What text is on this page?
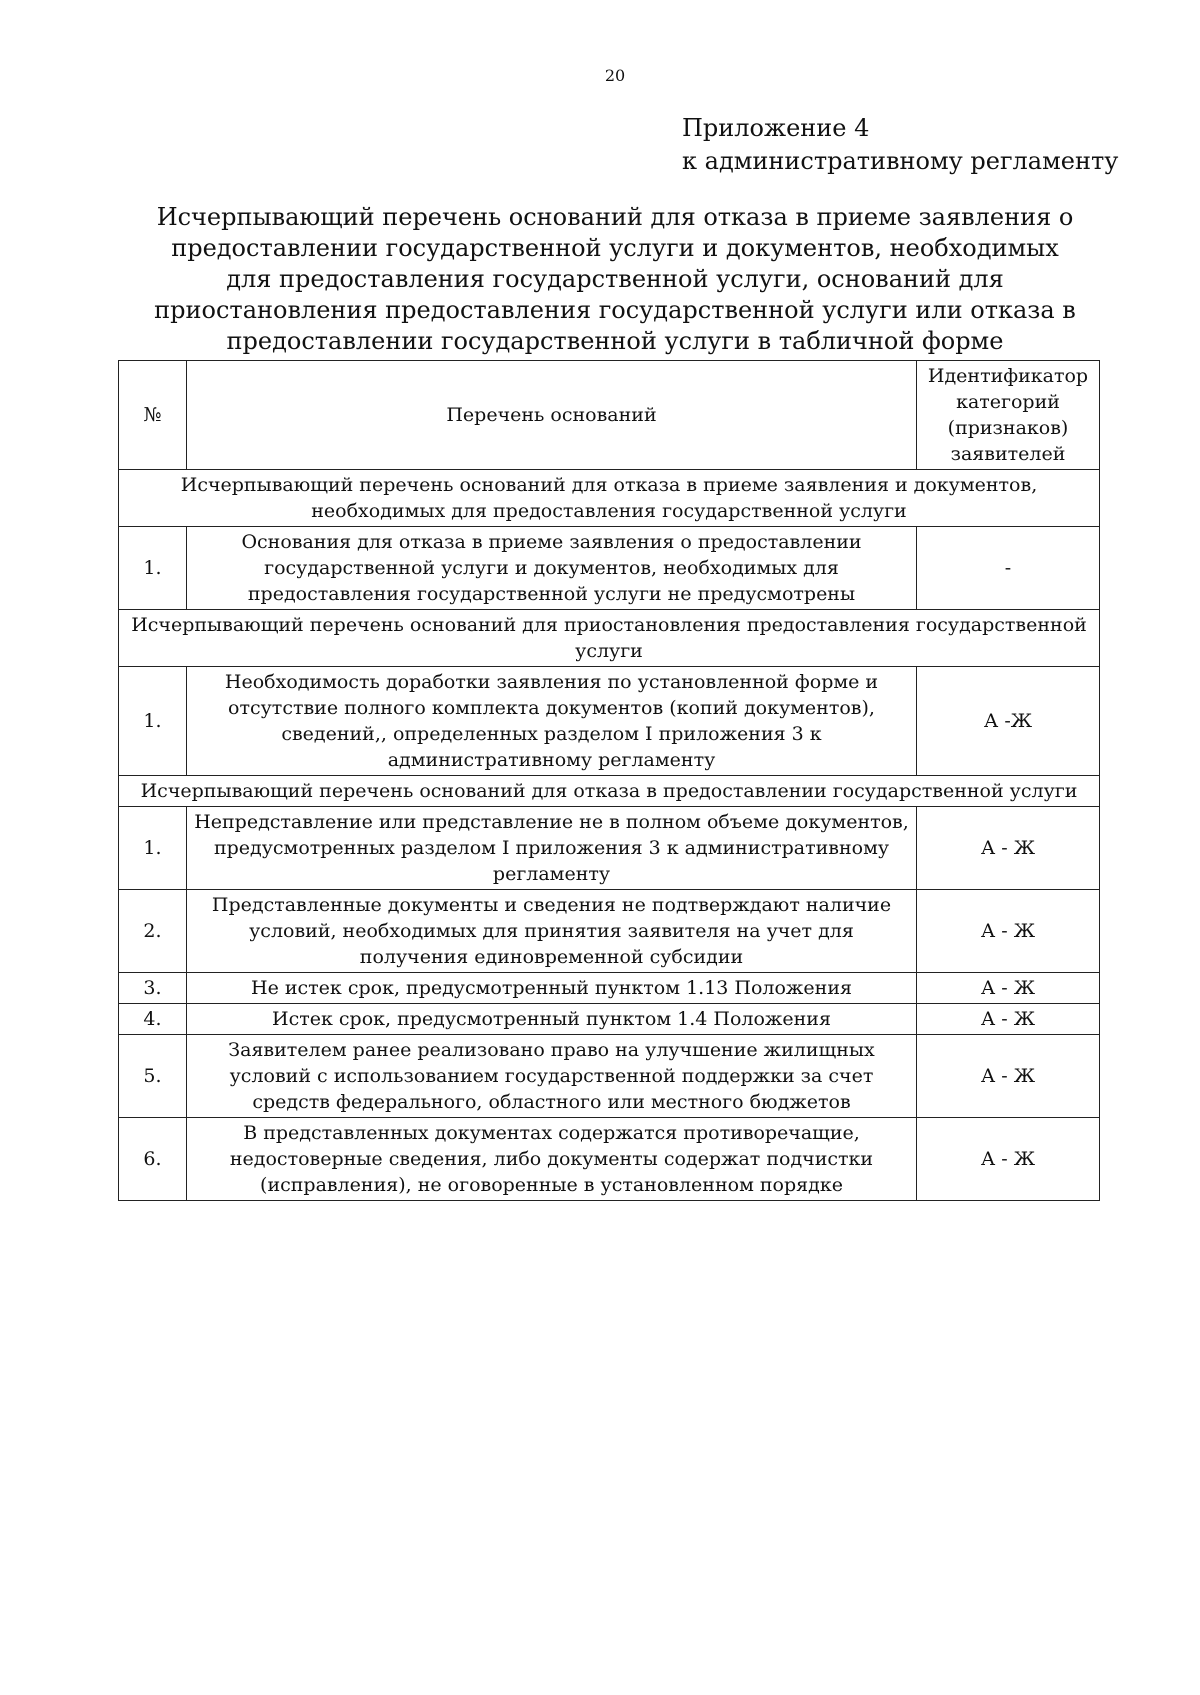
20
Приложение 4
к административному регламенту
Исчерпывающий перечень оснований для отказа в приеме заявления о предоставлении государственной услуги и документов, необходимых для предоставления государственной услуги, оснований для приостановления предоставления государственной услуги или отказа в предоставлении государственной услуги в табличной форме
№	Перечень оснований	Идентификатор категорий (признаков) заявителей
Исчерпывающий перечень оснований для отказа в приеме заявления и документов, необходимых для предоставления государственной услуги		
1.	Основания для отказа в приеме заявления о предоставлении государственной услуги и документов, необходимых для предоставления государственной услуги не предусмотрены	-
Исчерпывающий перечень оснований для приостановления предоставления государственной услуги		
1.	Необходимость доработки заявления по установленной форме и отсутствие полного комплекта документов (копий документов), сведений,, определенных разделом I приложения 3 к административному регламенту	А -Ж
Исчерпывающий перечень оснований для отказа в предоставлении государственной услуги		
1.	Непредставление или представление не в полном объеме документов, предусмотренных разделом I приложения 3 к административному регламенту	А - Ж
2.	Представленные документы и сведения не подтверждают наличие условий, необходимых для принятия заявителя на учет для получения единовременной субсидии	А - Ж
3.	Не истек срок, предусмотренный пунктом 1.13 Положения	А - Ж
4.	Истек срок, предусмотренный пунктом 1.4 Положения	А - Ж
5.	Заявителем ранее реализовано право на улучшение жилищных условий с использованием государственной поддержки за счет средств федерального, областного или местного бюджетов	А - Ж
6.	В представленных документах содержатся противоречащие, недостоверные сведения, либо документы содержат подчистки (исправления), не оговоренные в установленном порядке	А - Ж
